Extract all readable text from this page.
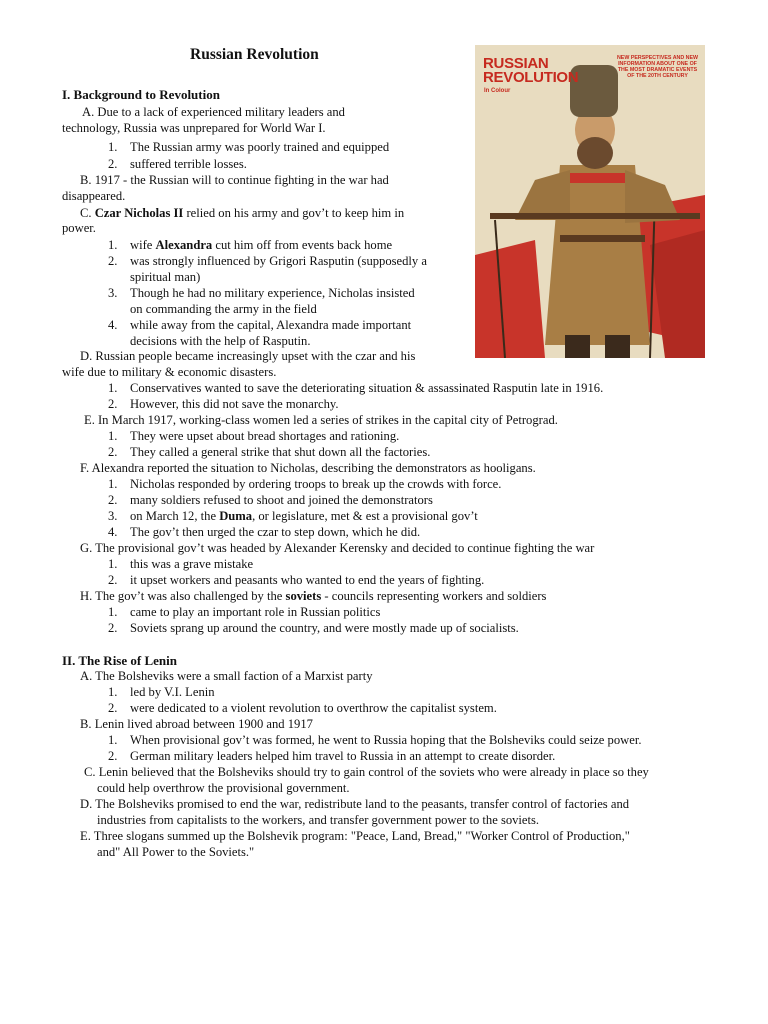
Russian Revolution
RUSSIAN
REVOLUTION
In Colour
NEW PERSPECTIVES AND NEW INFORMATION ABOUT ONE OF THE MOST DRAMATIC EVENTS OF THE 20TH CENTURY
I. Background to Revolution
A. Due to a lack of experienced military leaders and
technology, Russia was unprepared for World War I.
1. The Russian army was poorly trained and equipped
2. suffered terrible losses.
B. 1917 - the Russian will to continue fighting in the war had
disappeared.
C. Czar Nicholas II relied on his army and gov’t to keep him in
power.
1. wife Alexandra cut him off from events back home
2. was strongly influenced by Grigori Rasputin (supposedly a
spiritual man)
3. Though he had no military experience, Nicholas insisted
on commanding the army in the field
4. while away from the capital, Alexandra made important
decisions with the help of Rasputin.
D. Russian people became increasingly upset with the czar and his
wife due to military & economic disasters.
1. Conservatives wanted to save the deteriorating situation & assassinated Rasputin late in 1916.
2. However, this did not save the monarchy.
E. In March 1917, working-class women led a series of strikes in the capital city of Petrograd.
1. They were upset about bread shortages and rationing.
2. They called a general strike that shut down all the factories.
F. Alexandra reported the situation to Nicholas, describing the demonstrators as hooligans.
1. Nicholas responded by ordering troops to break up the crowds with force.
2. many soldiers refused to shoot and joined the demonstrators
3. on March 12, the Duma, or legislature, met & est a provisional gov’t
4. The gov’t then urged the czar to step down, which he did.
G. The provisional gov’t was headed by Alexander Kerensky and decided to continue fighting the war
1. this was a grave mistake
2. it upset workers and peasants who wanted to end the years of fighting.
H. The gov’t was also challenged by the soviets - councils representing workers and soldiers
1. came to play an important role in Russian politics
2. Soviets sprang up around the country, and were mostly made up of socialists.
II. The Rise of Lenin
A. The Bolsheviks were a small faction of a Marxist party
1. led by V.I. Lenin
2. were dedicated to a violent revolution to overthrow the capitalist system.
B. Lenin lived abroad between 1900 and 1917
1. When provisional gov’t was formed, he went to Russia hoping that the Bolsheviks could seize power.
2. German military leaders helped him travel to Russia in an attempt to create disorder.
C. Lenin believed that the Bolsheviks should try to gain control of the soviets who were already in place so they
could help overthrow the provisional government.
D. The Bolsheviks promised to end the war, redistribute land to the peasants, transfer control of factories and
industries from capitalists to the workers, and transfer government power to the soviets.
E. Three slogans summed up the Bolshevik program: "Peace, Land, Bread," "Worker Control of Production,"
and" All Power to the Soviets."
